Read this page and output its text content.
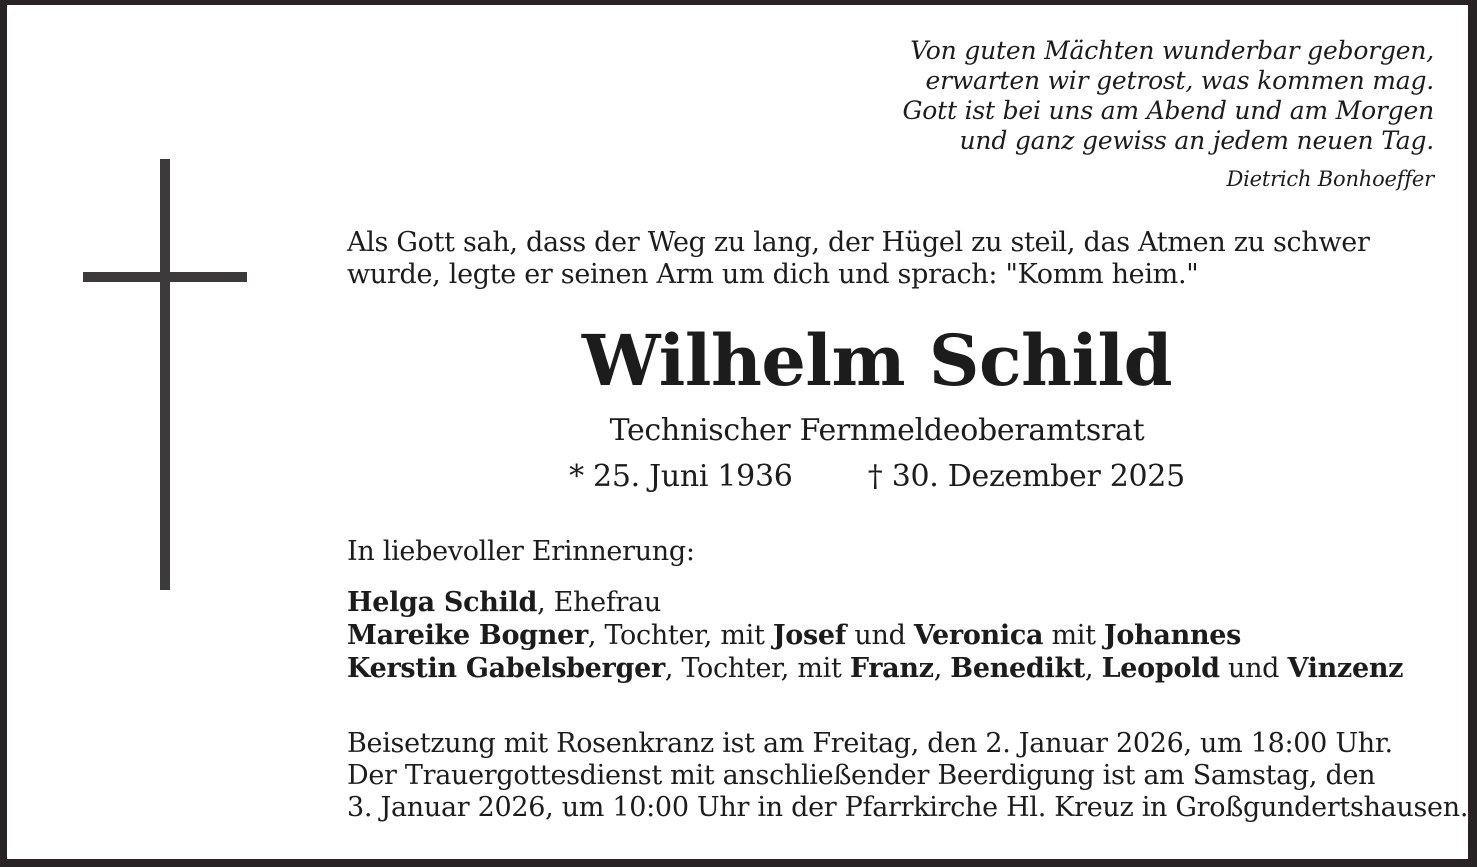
Von guten Mächten wunderbar geborgen,
erwarten wir getrost, was kommen mag.
Gott ist bei uns am Abend und am Morgen
und ganz gewiss an jedem neuen Tag.
Dietrich Bonhoeffer
Als Gott sah, dass der Weg zu lang, der Hügel zu steil, das Atmen zu schwer
wurde, legte er seinen Arm um dich und sprach: "Komm heim."
Wilhelm Schild
Technischer Fernmeldeoberamtsrat
* 25. Juni 1936	† 30. Dezember 2025
In liebevoller Erinnerung:
Helga Schild, Ehefrau
Mareike Bogner, Tochter, mit Josef und Veronica mit Johannes
Kerstin Gabelsberger, Tochter, mit Franz, Benedikt, Leopold und Vinzenz
Beisetzung mit Rosenkranz ist am Freitag, den 2. Januar 2026, um 18:00 Uhr.
Der Trauergottesdienst mit anschließender Beerdigung ist am Samstag, den
3. Januar 2026, um 10:00 Uhr in der Pfarrkirche Hl. Kreuz in Großgundertshausen.
